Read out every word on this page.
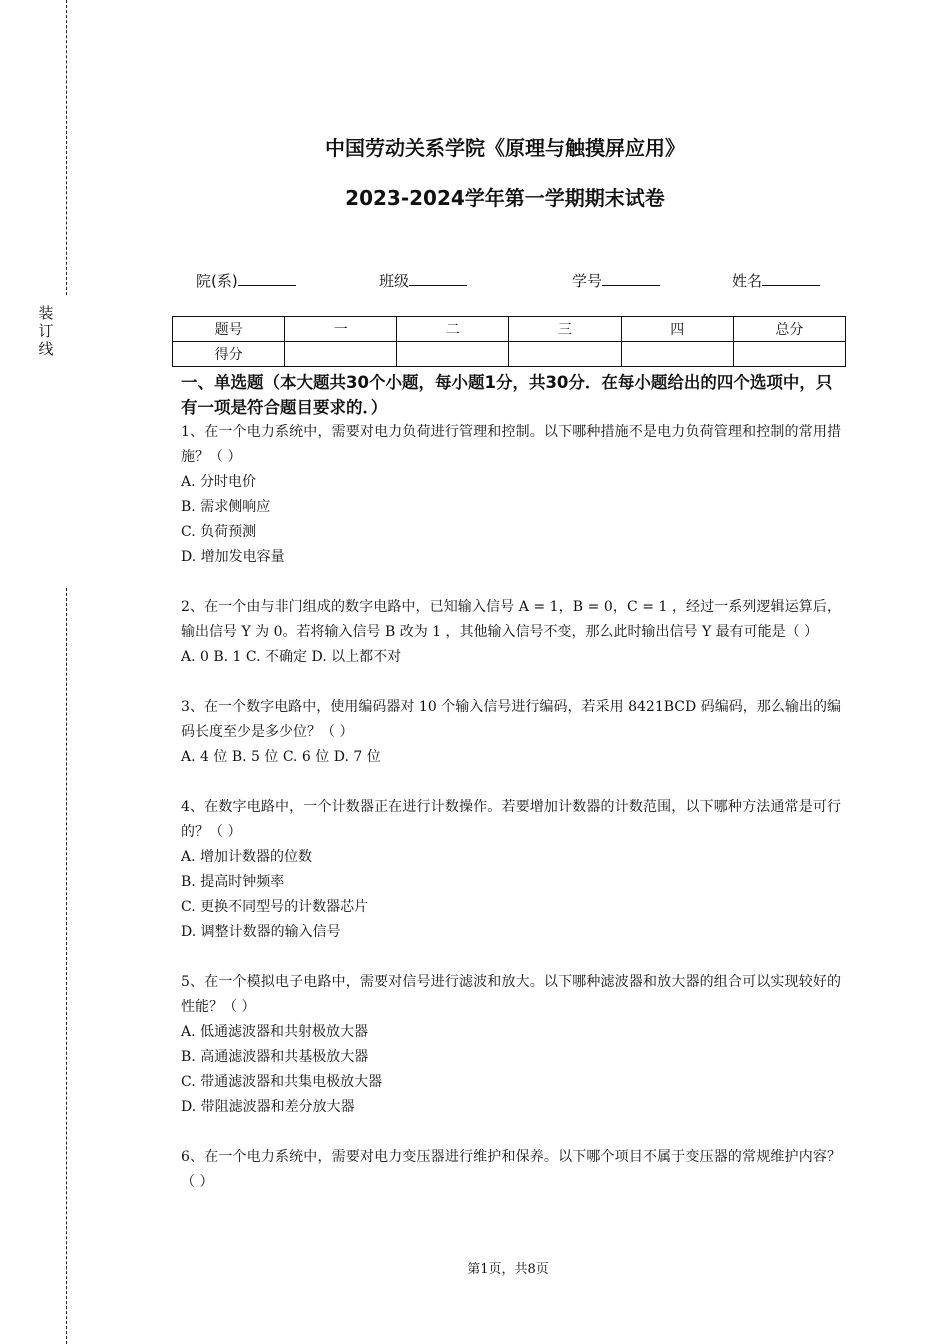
装
订
线
中国劳动关系学院《原理与触摸屏应用》
2023-2024学年第一学期期末试卷
院(系)	班级	学号	姓名
题号	一	二	三	四	总分
得分					
一、单选题（本大题共30个小题，每小题1分，共30分．在每小题给出的四个选项中，只有一项是符合题目要求的．）
1、在一个电力系统中，需要对电力负荷进行管理和控制。以下哪种措施不是电力负荷管理和控制的常用措施？（ ）
A. 分时电价
B. 需求侧响应
C. 负荷预测
D. 增加发电容量
2、在一个由与非门组成的数字电路中，已知输入信号 A = 1，B = 0，C = 1 ，经过一系列逻辑运算后，输出信号 Y 为 0。若将输入信号 B 改为 1 ，其他输入信号不变，那么此时输出信号 Y 最有可能是（ ）
A. 0 B. 1 C. 不确定 D. 以上都不对
3、在一个数字电路中，使用编码器对 10 个输入信号进行编码，若采用 8421BCD 码编码，那么输出的编码长度至少是多少位？（ ）
A. 4 位 B. 5 位 C. 6 位 D. 7 位
4、在数字电路中，一个计数器正在进行计数操作。若要增加计数器的计数范围，以下哪种方法通常是可行的？（ ）
A. 增加计数器的位数
B. 提高时钟频率
C. 更换不同型号的计数器芯片
D. 调整计数器的输入信号
5、在一个模拟电子电路中，需要对信号进行滤波和放大。以下哪种滤波器和放大器的组合可以实现较好的性能？（ ）
A. 低通滤波器和共射极放大器
B. 高通滤波器和共基极放大器
C. 带通滤波器和共集电极放大器
D. 带阻滤波器和差分放大器
6、在一个电力系统中，需要对电力变压器进行维护和保养。以下哪个项目不属于变压器的常规维护内容？（ ）
第1页，共8页
